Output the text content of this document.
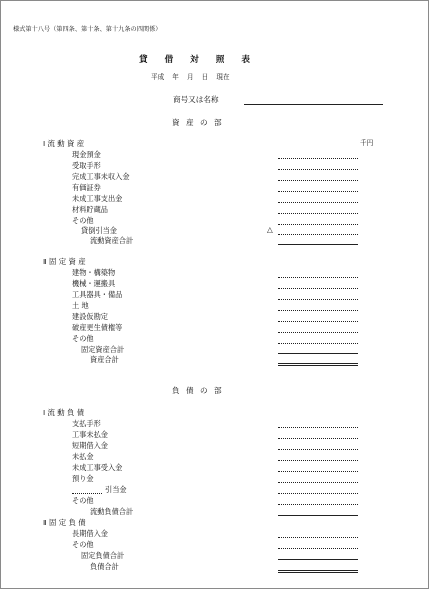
様式第十八号（第四条、第十条、第十九条の四関係）
貸 借 対 照 表
平成 年 月 日 現在
商号又は名称
資 産 の 部
千円
Ⅰ 流 動 資 産
現金預金
受取手形
完成工事未収入金
有価証券
未成工事支出金
材料貯蔵品
その他
貸倒引当金	△
流動資産合計
Ⅱ 固 定 資 産
建物・構築物
機械・運搬具
工具器具・備品
土 地
建設仮勘定
破産更生債権等
その他
固定資産合計
資産合計
負 債 の 部
Ⅰ 流 動 負 債
支払手形
工事未払金
短期借入金
未払金
未成工事受入金
預り金
引当金
その他
流動負債合計
Ⅱ 固 定 負 債
長期借入金
その他
固定負債合計
負債合計
